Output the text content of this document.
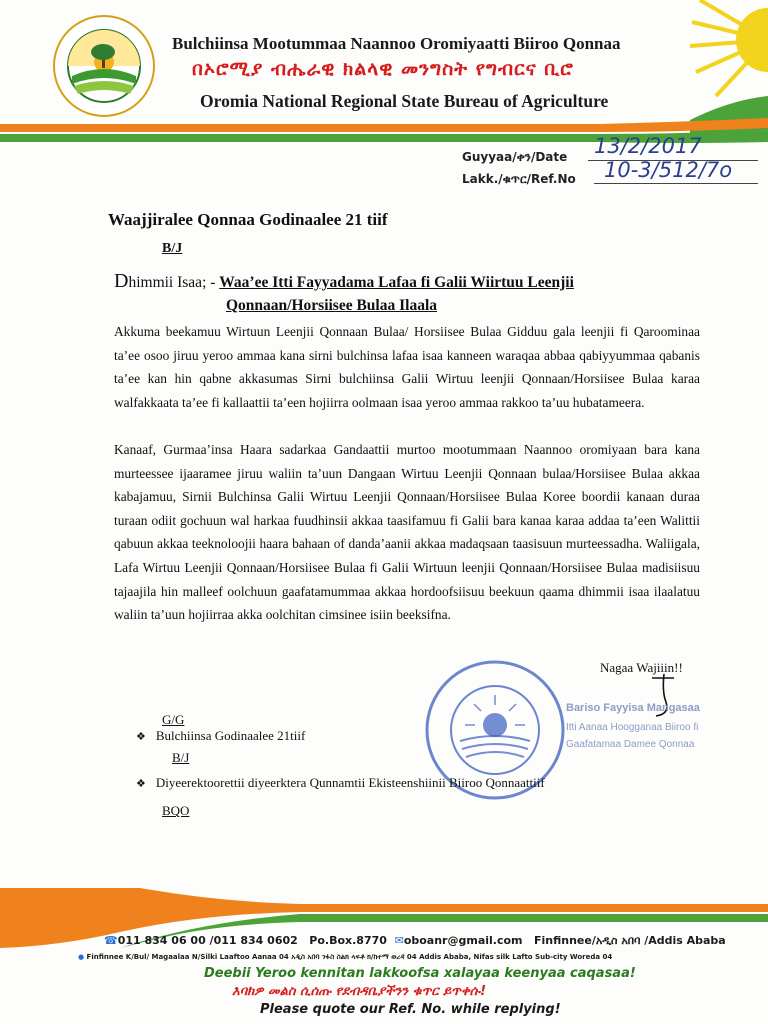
Bulchiinsa Mootummaa Naannoo Oromiyaatti Biiroo Qonnaa
በኦሮሚያ ብሔራዊ ክልላዊ መንግስት የግብርና ቢሮ
Oromia National Regional State Bureau of Agriculture
Guyyaa/ቀን/Date 13/2/2017
Lakk./ቁጥር/Ref.No 10-3/512/7o
Waajjiralee Qonnaa Godinaalee 21 tiif
B/J
Dhimmii Isaa; - Waa’ee Itti Fayyadama Lafaa fi Galii Wiirtuu Leenjii
Qonnaan/Horsiisee Bulaa Ilaala
Akkuma beekamuu Wirtuun Leenjii Qonnaan Bulaa/ Horsiisee Bulaa Gidduu gala leenjii fi Qaroominaa ta’ee osoo jiruu yeroo ammaa kana sirni bulchinsa lafaa isaa kanneen waraqaa abbaa qabiyyummaa qabanis ta’ee kan hin qabne akkasumas Sirni bulchiinsa Galii Wirtuu leenjii Qonnaan/Horsiisee Bulaa karaa walfakkaata ta’ee fi kallaattii ta’een hojiirra oolmaan isaa yeroo ammaa rakkoo ta’uu hubatameera.
Kanaaf, Gurmaa’insa Haara sadarkaa Gandaattii murtoo mootummaan Naannoo oromiyaan bara kana murteessee ijaaramee jiruu waliin ta’uun Dangaan Wirtuu Leenjii Qonnaan bulaa/Horsiisee Bulaa akkaa kabajamuu, Sirnii Bulchinsa Galii Wirtuu Leenjii Qonnaan/Horsiisee Bulaa Koree boordii kanaan duraa turaan odiit gochuun wal harkaa fuudhinsii akkaa taasifamuu fi Galii bara kanaa karaa addaa ta’een Walittii qabuun akkaa teeknoloojii haara bahaan of danda’aanii akkaa madaqsaan taasisuun murteessadha. Waliigala, Lafa Wirtuu Leenjii Qonnaan/Horsiisee Bulaa fi Galii Wirtuun leenjii Qonnaan/Horsiisee Bulaa madisiisuu tajaajila hin malleef oolchuun gaafatamummaa akkaa hordoofsiisuu beekuun qaama dhimmii isaa ilaalatuu waliin ta’uun hojiirraa akka oolchitan cimsinee isiin beeksifna.
Nagaa Wajiiin!!
Bariso Fayyisa Mangasaa
Itti Aanaa Hoogganaa Biiroo fi
Gaafatamaa Damee Qonnaa
G/G
❖ Bulchiinsa Godinaalee 21tiif
B/J
❖ Diyeerektoorettii diyeerktera Qunnamtii Ekisteenshiinii Biiroo Qonnaattiif
BQO
☎011 834 06 00 /011 834 0602 Po.Box.8770 ✉oboanr@gmail.com Finfinnee/አዲስ አበባ /Addis Ababa
● Finfinnee K/Bul/ Magaalaa N/Silki Laaftoo Aanaa 04 አዲስ አበባ ንፋስ ስልክ ላፍቶ ክ/ከተማ ወረዳ 04 Addis Ababa, Nifas silk Lafto Sub-city Woreda 04
Deebii Yeroo kennitan lakkoofsa xalayaa keenyaa caqasaa!
እባክዎ መልስ ሲሰጡ የደብዳቤያችንን ቁጥር ይጥቀሱ!
Please quote our Ref. No. while replying!
